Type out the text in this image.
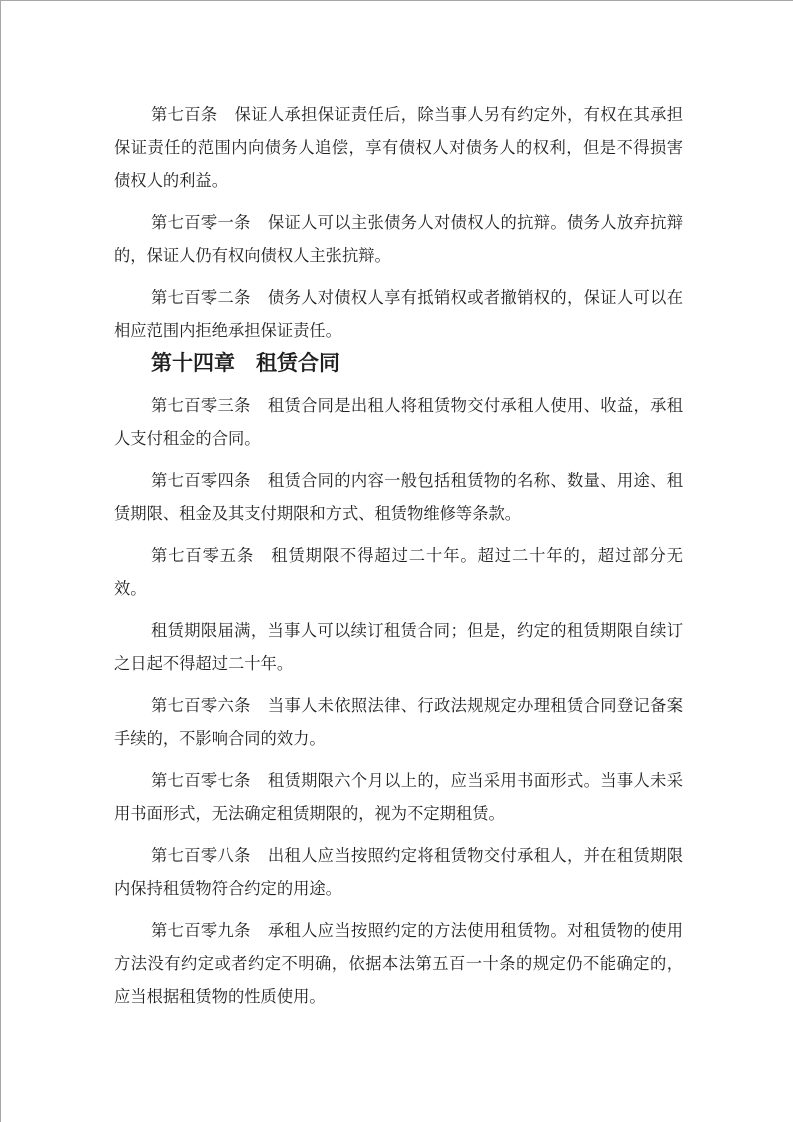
第七百条 保证人承担保证责任后，除当事人另有约定外，有权在其承担保证责任的范围内向债务人追偿，享有债权人对债务人的权利，但是不得损害债权人的利益。

第七百零一条 保证人可以主张债务人对债权人的抗辩。债务人放弃抗辩的，保证人仍有权向债权人主张抗辩。

第七百零二条 债务人对债权人享有抵销权或者撤销权的，保证人可以在相应范围内拒绝承担保证责任。

第十四章 租赁合同

第七百零三条 租赁合同是出租人将租赁物交付承租人使用、收益，承租人支付租金的合同。

第七百零四条 租赁合同的内容一般包括租赁物的名称、数量、用途、租赁期限、租金及其支付期限和方式、租赁物维修等条款。

第七百零五条 租赁期限不得超过二十年。超过二十年的，超过部分无效。

租赁期限届满，当事人可以续订租赁合同；但是，约定的租赁期限自续订之日起不得超过二十年。

第七百零六条 当事人未依照法律、行政法规规定办理租赁合同登记备案手续的，不影响合同的效力。

第七百零七条 租赁期限六个月以上的，应当采用书面形式。当事人未采用书面形式，无法确定租赁期限的，视为不定期租赁。

第七百零八条 出租人应当按照约定将租赁物交付承租人，并在租赁期限内保持租赁物符合约定的用途。

第七百零九条 承租人应当按照约定的方法使用租赁物。对租赁物的使用方法没有约定或者约定不明确，依据本法第五百一十条的规定仍不能确定的，应当根据租赁物的性质使用。
